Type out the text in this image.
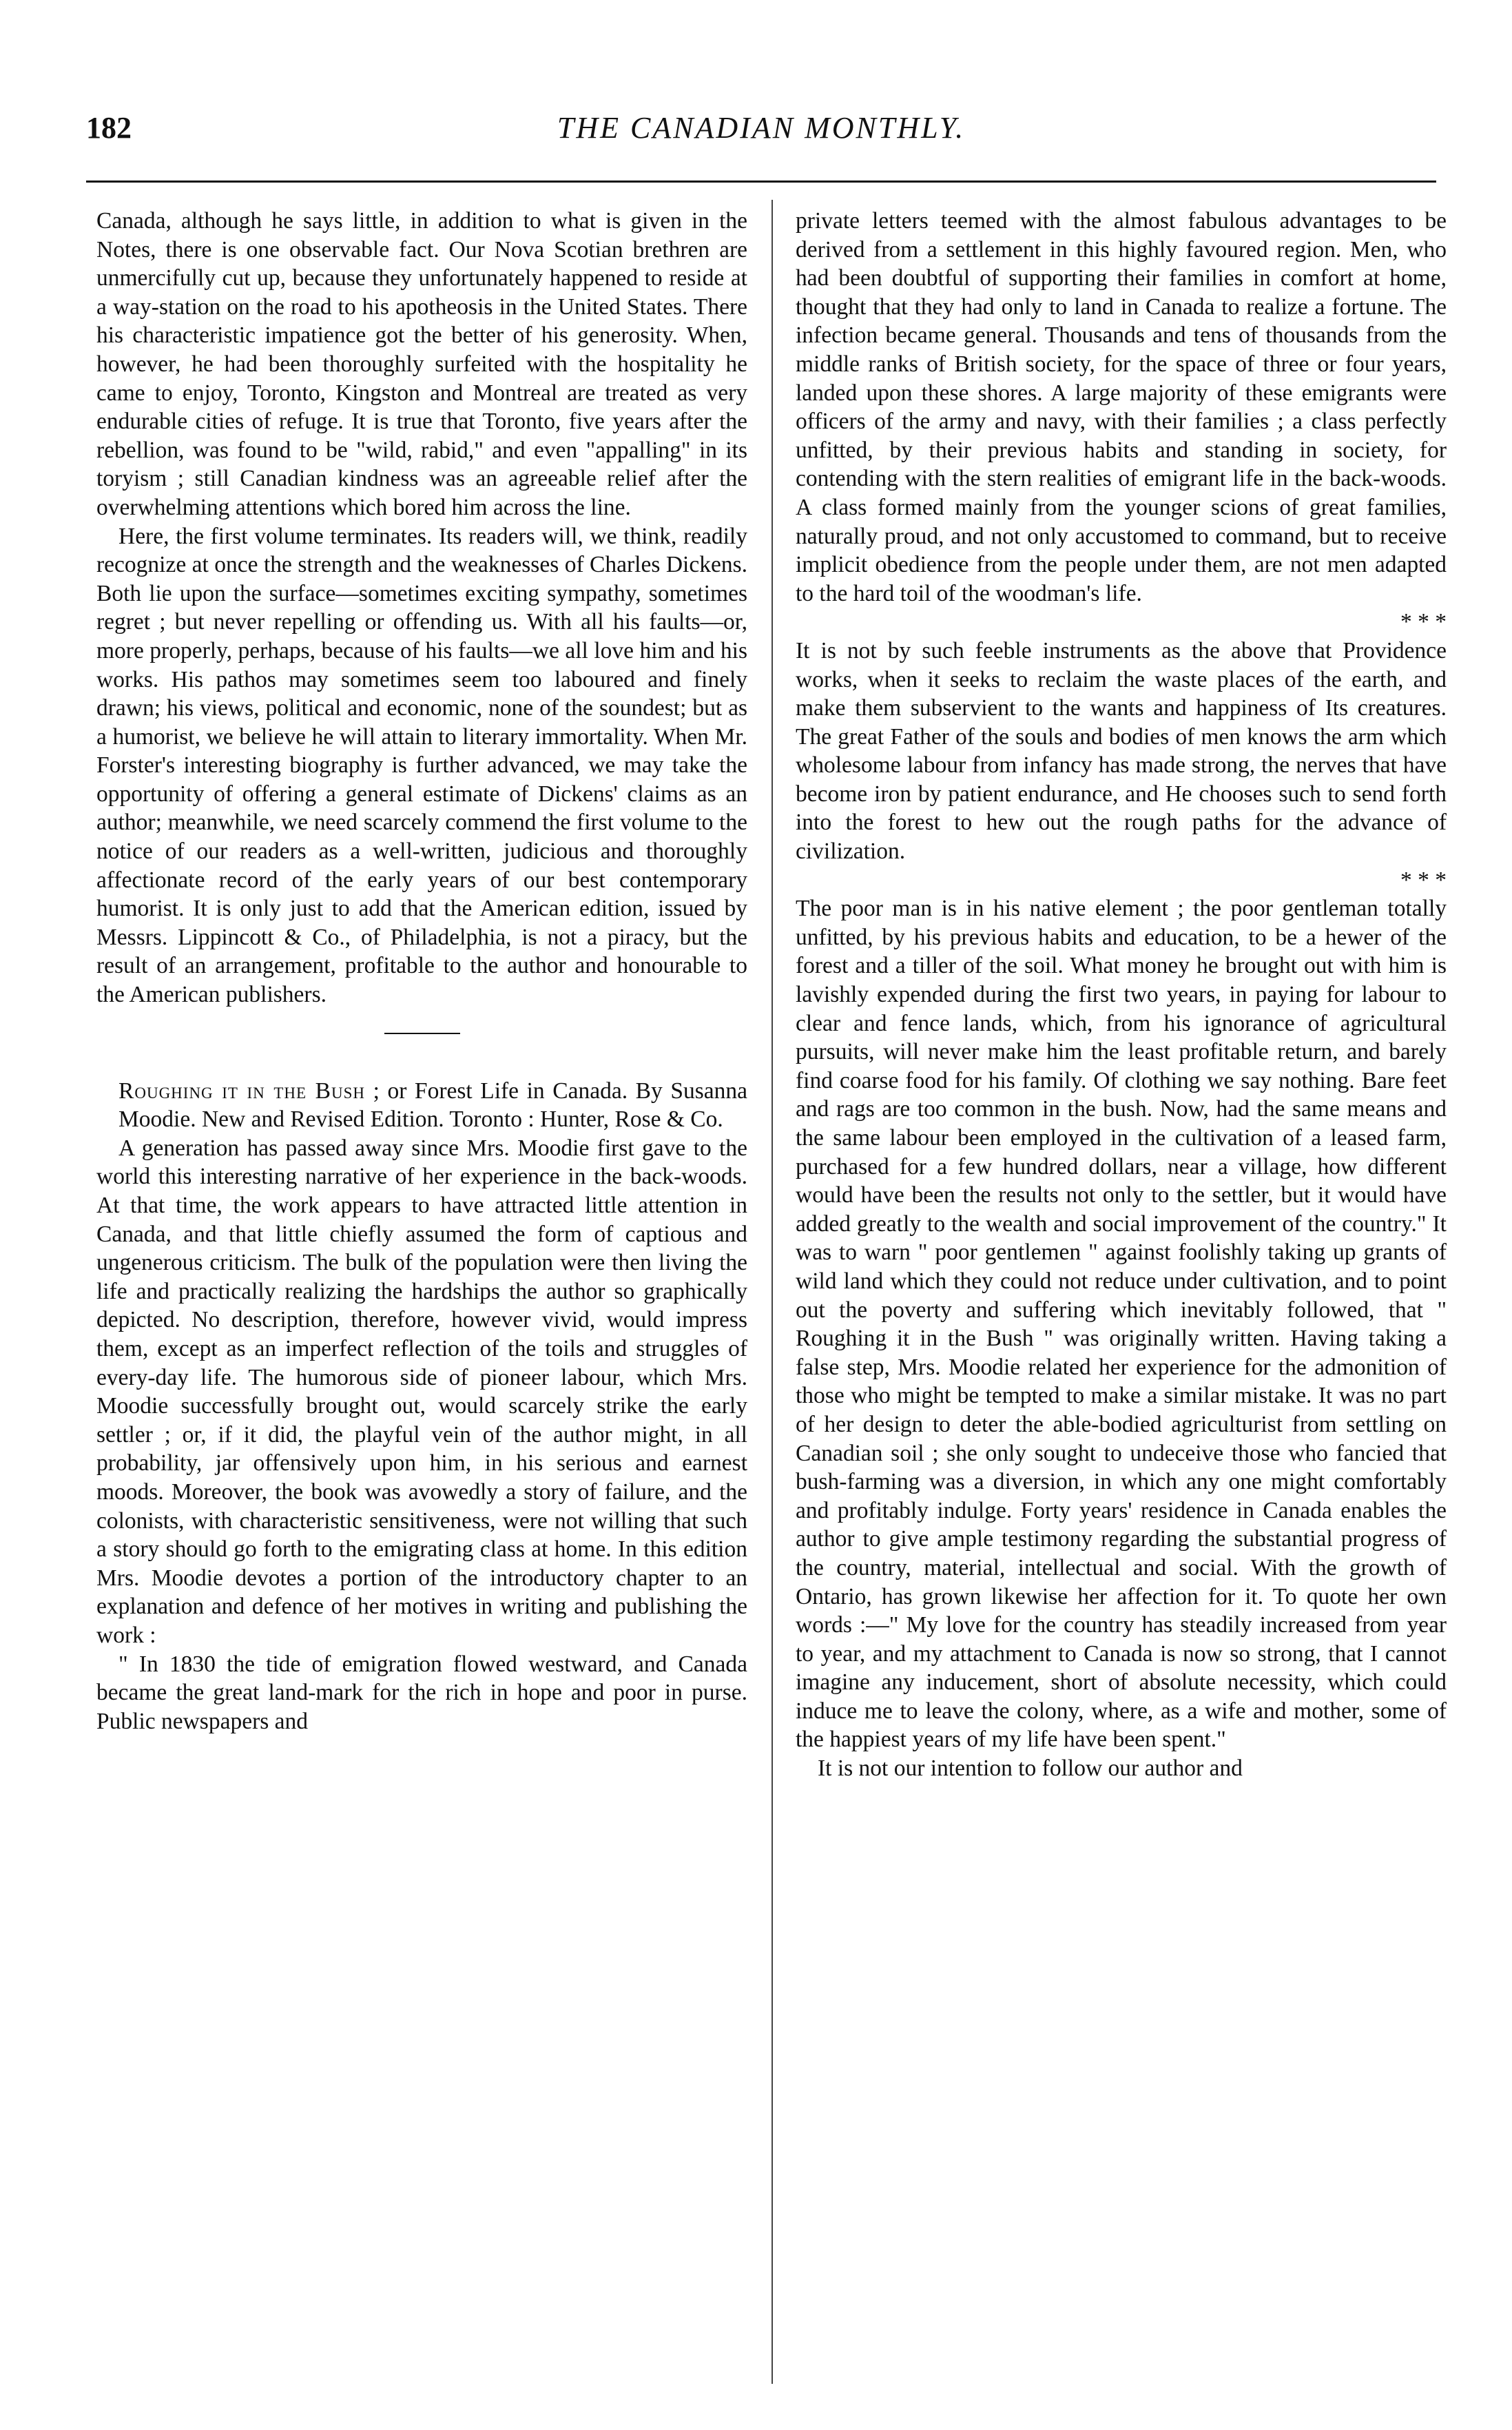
182	THE CANADIAN MONTHLY.

Canada, although he says little, in addition to what is given in the Notes, there is one observable fact. Our Nova Scotian brethren are unmercifully cut up, because they unfortunately happened to reside at a way-station on the road to his apotheosis in the United States. There his characteristic impatience got the better of his generosity. When, however, he had been thoroughly surfeited with the hospitality he came to enjoy, Toronto, Kingston and Montreal are treated as very endurable cities of refuge. It is true that Toronto, five years after the rebellion, was found to be "wild, rabid," and even "appalling" in its toryism ; still Canadian kindness was an agreeable relief after the overwhelming attentions which bored him across the line.

Here, the first volume terminates. Its readers will, we think, readily recognize at once the strength and the weaknesses of Charles Dickens. Both lie upon the surface—sometimes exciting sympathy, sometimes regret ; but never repelling or offending us. With all his faults—or, more properly, perhaps, because of his faults—we all love him and his works. His pathos may sometimes seem too laboured and finely drawn; his views, political and economic, none of the soundest; but as a humorist, we believe he will attain to literary immortality. When Mr. Forster's interesting biography is further advanced, we may take the opportunity of offering a general estimate of Dickens' claims as an author; meanwhile, we need scarcely commend the first volume to the notice of our readers as a well-written, judicious and thoroughly affectionate record of the early years of our best contemporary humorist. It is only just to add that the American edition, issued by Messrs. Lippincott & Co., of Philadelphia, is not a piracy, but the result of an arrangement, profitable to the author and honourable to the American publishers.

Roughing it in the Bush ; or Forest Life in Canada. By Susanna Moodie. New and Revised Edition. Toronto : Hunter, Rose & Co.

A generation has passed away since Mrs. Moodie first gave to the world this interesting narrative of her experience in the back-woods. At that time, the work appears to have attracted little attention in Canada, and that little chiefly assumed the form of captious and ungenerous criticism. The bulk of the population were then living the life and practically realizing the hardships the author so graphically depicted. No description, therefore, however vivid, would impress them, except as an imperfect reflection of the toils and struggles of every-day life. The humorous side of pioneer labour, which Mrs. Moodie successfully brought out, would scarcely strike the early settler ; or, if it did, the playful vein of the author might, in all probability, jar offensively upon him, in his serious and earnest moods. Moreover, the book was avowedly a story of failure, and the colonists, with characteristic sensitiveness, were not willing that such a story should go forth to the emigrating class at home. In this edition Mrs. Moodie devotes a portion of the introductory chapter to an explanation and defence of her motives in writing and publishing the work :

" In 1830 the tide of emigration flowed westward, and Canada became the great land-mark for the rich in hope and poor in purse. Public newspapers and

private letters teemed with the almost fabulous advantages to be derived from a settlement in this highly favoured region. Men, who had been doubtful of supporting their families in comfort at home, thought that they had only to land in Canada to realize a fortune. The infection became general. Thousands and tens of thousands from the middle ranks of British society, for the space of three or four years, landed upon these shores. A large majority of these emigrants were officers of the army and navy, with their families ; a class perfectly unfitted, by their previous habits and standing in society, for contending with the stern realities of emigrant life in the back-woods. A class formed mainly from the younger scions of great families, naturally proud, and not only accustomed to command, but to receive implicit obedience from the people under them, are not men adapted to the hard toil of the woodman's life.

* * *

It is not by such feeble instruments as the above that Providence works, when it seeks to reclaim the waste places of the earth, and make them subservient to the wants and happiness of Its creatures. The great Father of the souls and bodies of men knows the arm which wholesome labour from infancy has made strong, the nerves that have become iron by patient endurance, and He chooses such to send forth into the forest to hew out the rough paths for the advance of civilization.

* * *

The poor man is in his native element ; the poor gentleman totally unfitted, by his previous habits and education, to be a hewer of the forest and a tiller of the soil. What money he brought out with him is lavishly expended during the first two years, in paying for labour to clear and fence lands, which, from his ignorance of agricultural pursuits, will never make him the least profitable return, and barely find coarse food for his family. Of clothing we say nothing. Bare feet and rags are too common in the bush. Now, had the same means and the same labour been employed in the cultivation of a leased farm, purchased for a few hundred dollars, near a village, how different would have been the results not only to the settler, but it would have added greatly to the wealth and social improvement of the country." It was to warn " poor gentlemen " against foolishly taking up grants of wild land which they could not reduce under cultivation, and to point out the poverty and suffering which inevitably followed, that " Roughing it in the Bush " was originally written. Having taking a false step, Mrs. Moodie related her experience for the admonition of those who might be tempted to make a similar mistake. It was no part of her design to deter the able-bodied agriculturist from settling on Canadian soil ; she only sought to undeceive those who fancied that bush-farming was a diversion, in which any one might comfortably and profitably indulge. Forty years' residence in Canada enables the author to give ample testimony regarding the substantial progress of the country, material, intellectual and social. With the growth of Ontario, has grown likewise her affection for it. To quote her own words :—" My love for the country has steadily increased from year to year, and my attachment to Canada is now so strong, that I cannot imagine any inducement, short of absolute necessity, which could induce me to leave the colony, where, as a wife and mother, some of the happiest years of my life have been spent."

It is not our intention to follow our author and
